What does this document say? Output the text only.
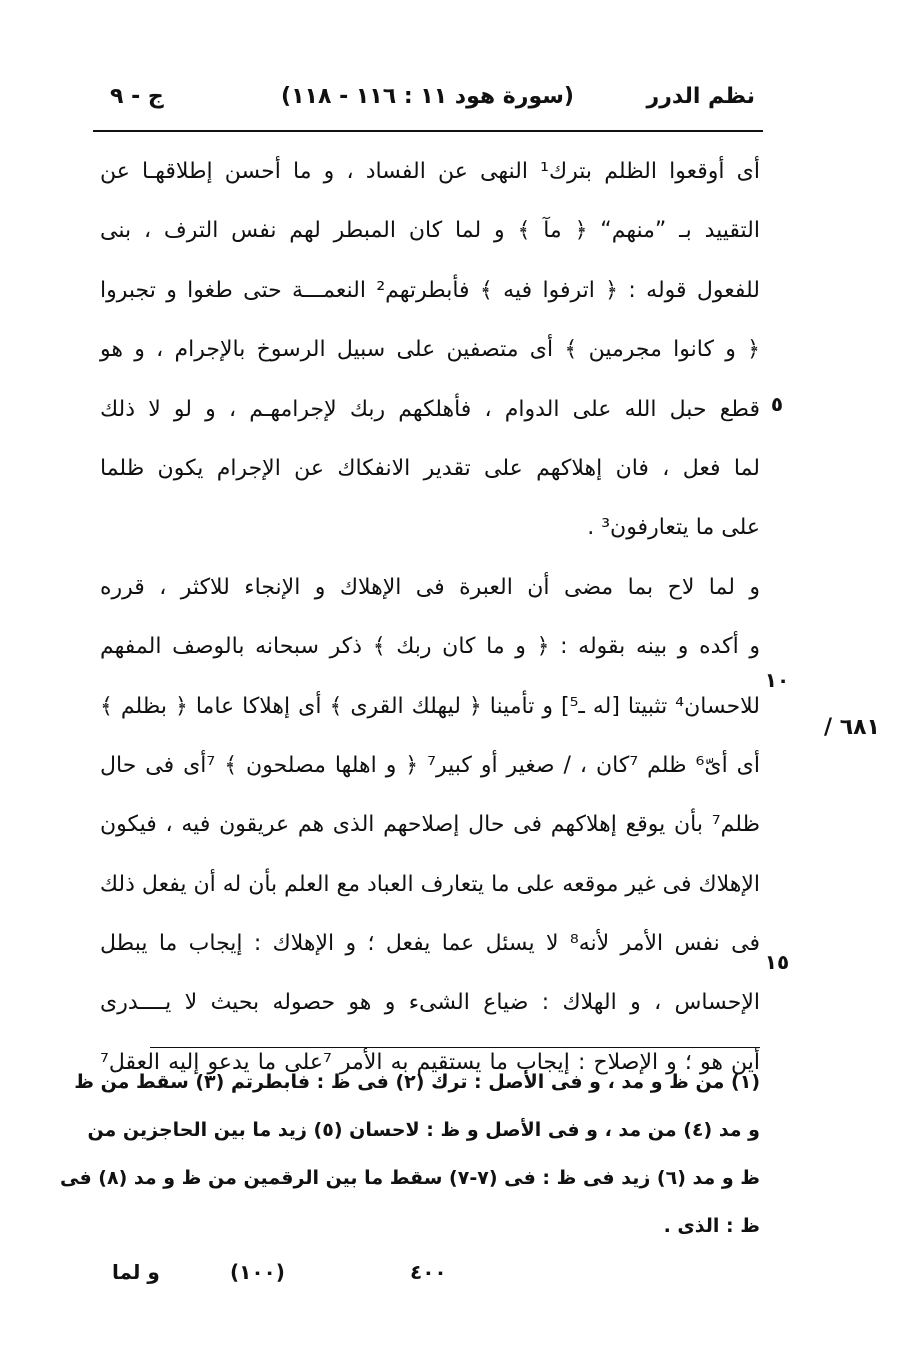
نظم الدرر
(سورة هود ١١ : ١١٦ - ١١٨)
ج - ٩
٦٨١ /
٥
١٠
١٥
أى أوقعوا الظلم بترك¹ النهى عن الفساد ، و ما أحسن إطلاقهـا عن
التقييد بـ ”منهم“ ﴿ مآ ﴾ و لما كان المبطر لهم نفس الترف ، بنى
للفعول قوله : ﴿ اترفوا فيه ﴾ فأبطرتهم² النعمـــة حتى طغوا و تجبروا
﴿ و كانوا مجرمين ﴾ أى متصفين على سبيل الرسوخ بالإجرام ، و هو
قطع حبل الله على الدوام ، فأهلكهم ربك لإجرامهـم ، و لو لا ذلك
لما فعل ، فان إهلاكهم على تقدير الانفكاك عن الإجرام يكون ظلما
على ما يتعارفون³ .
و لما لاح بما مضى أن العبرة فى الإهلاك و الإنجاء للاكثر ، قرره
و أكده و بينه بقوله : ﴿ و ما كان ربك ﴾ ذكر سبحانه بالوصف المفهم
للاحسان⁴ تثبيتا [له ـ⁵] و تأمينا ﴿ ليهلك القرى ﴾ أى إهلاكا عاما ﴿ بظلم ﴾
أى أىّ⁶ ظلم ⁷كان ، / صغير أو كبير⁷ ﴿ و اهلها مصلحون ﴾ ⁷أى فى حال
ظلم⁷ بأن يوقع إهلاكهم فى حال إصلاحهم الذى هم عريقون فيه ، فيكون
الإهلاك فى غير موقعه على ما يتعارف العباد مع العلم بأن له أن يفعل ذلك
فى نفس الأمر لأنه⁸ لا يسئل عما يفعل ؛ و الإهلاك : إيجاب ما يبطل
الإحساس ، و الهلاك : ضياع الشىء و هو حصوله بحيث لا يــــدرى
أين هو ؛ و الإصلاح : إيجاب ما يستقيم به الأمر ⁷على ما يدعو إليه العقل⁷
(١) من ظ و مد ، و فى الأصل : ترك (٢) فى ظ : فابطرتم (٣) سقط من ظ
و مد (٤) من مد ، و فى الأصل و ظ : لاحسان (٥) زيد ما بين الحاجزين من
ظ و مد (٦) زيد فى ظ : فى (٧-٧) سقط ما بين الرقمين من ظ و مد (٨) فى
ظ : الذى .
و لما	(١٠٠)	٤٠٠
